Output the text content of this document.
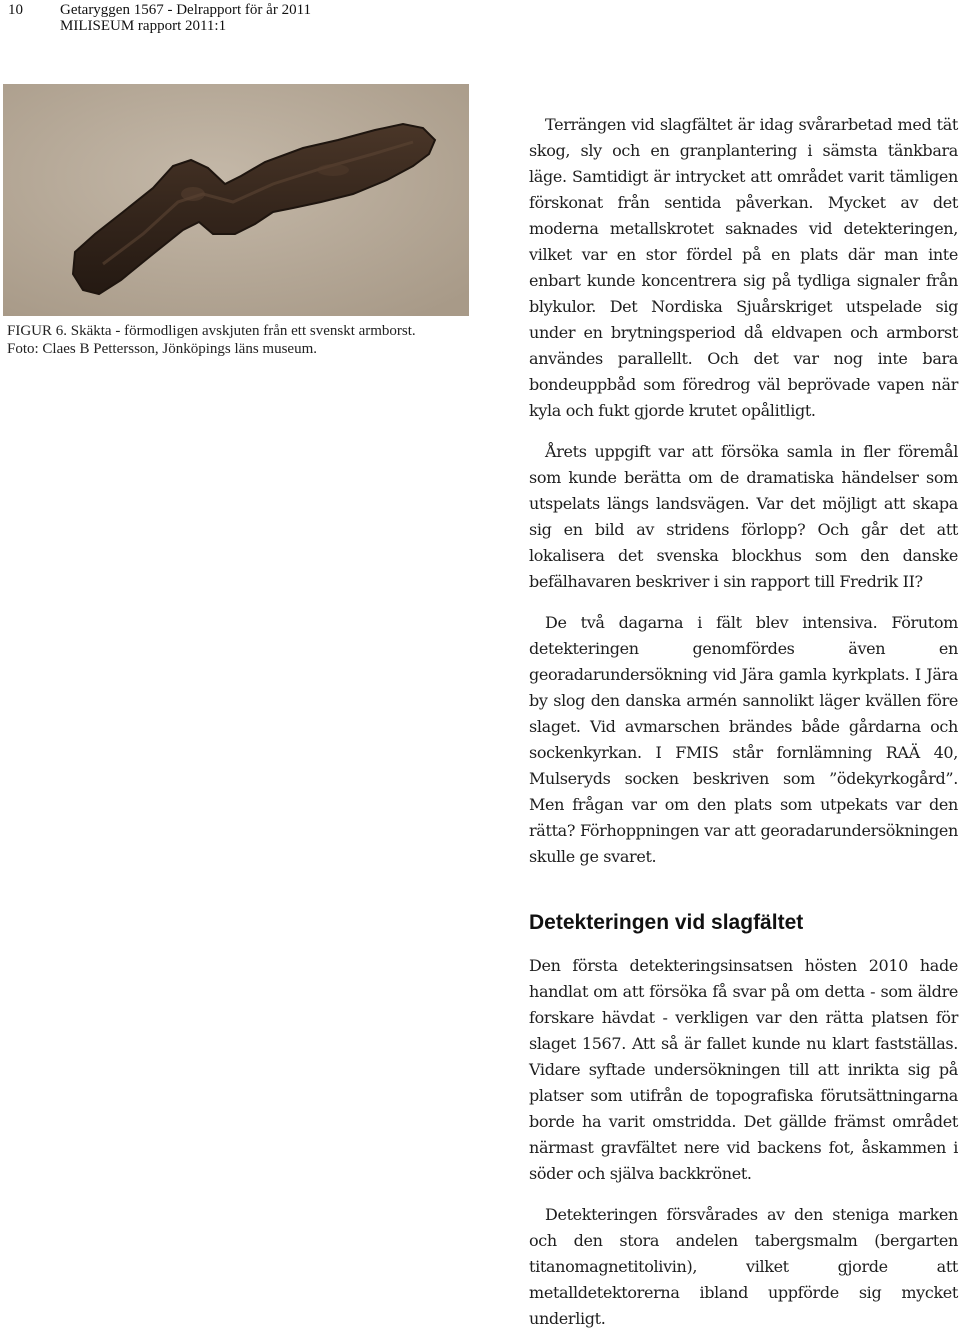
10 Getaryggen 1567 - Delrapport för år 2011
MILISEUM rapport 2011:1
FIGUR 6. Skäkta - förmodligen avskjuten från ett svenskt armborst.
Foto: Claes B Pettersson, Jönköpings läns museum.

Terrängen vid slagfältet är idag svårarbetad med tät skog, sly och en granplantering i sämsta tänkbara läge. Samtidigt är intrycket att området varit tämligen förskonat från sentida påverkan. Mycket av det moderna metallskrotet saknades vid detekteringen, vilket var en stor fördel på en plats där man inte enbart kunde koncentrera sig på tydliga signaler från blykulor. Det Nordiska Sjuårskriget utspelade sig under en brytningsperiod då eldvapen och armborst användes parallellt. Och det var nog inte bara bondeuppbåd som föredrog väl beprövade vapen när kyla och fukt gjorde krutet opålitligt.

Årets uppgift var att försöka samla in fler föremål som kunde berätta om de dramatiska händelser som utspelats längs landsvägen. Var det möjligt att skapa sig en bild av stridens förlopp? Och går det att lokalisera det svenska blockhus som den danske befälhavaren beskriver i sin rapport till Fredrik II?

De två dagarna i fält blev intensiva. Förutom detekteringen genomfördes även en georadarundersökning vid Jära gamla kyrkplats. I Jära by slog den danska armén sannolikt läger kvällen före slaget. Vid avmarschen brändes både gårdarna och sockenkyrkan. I FMIS står fornlämning RAÄ 40, Mulseryds socken beskriven som ”ödekyrkogård”. Men frågan var om den plats som utpekats var den rätta? Förhoppningen var att georadarundersökningen skulle ge svaret.

Detekteringen vid slagfältet

Den första detekteringsinsatsen hösten 2010 hade handlat om att försöka få svar på om detta - som äldre forskare hävdat - verkligen var den rätta platsen för slaget 1567. Att så är fallet kunde nu klart fastställas. Vidare syftade undersökningen till att inrikta sig på platser som utifrån de topografiska förutsättningarna borde ha varit omstridda. Det gällde främst området närmast gravfältet nere vid backens fot, åskammen i söder och själva backkrönet.

Detekteringen försvårades av den steniga marken och den stora andelen tabergsmalm (bergarten titanomagnetitolivin), vilket gjorde att metalldetektorerna ibland uppförde sig mycket underligt.
